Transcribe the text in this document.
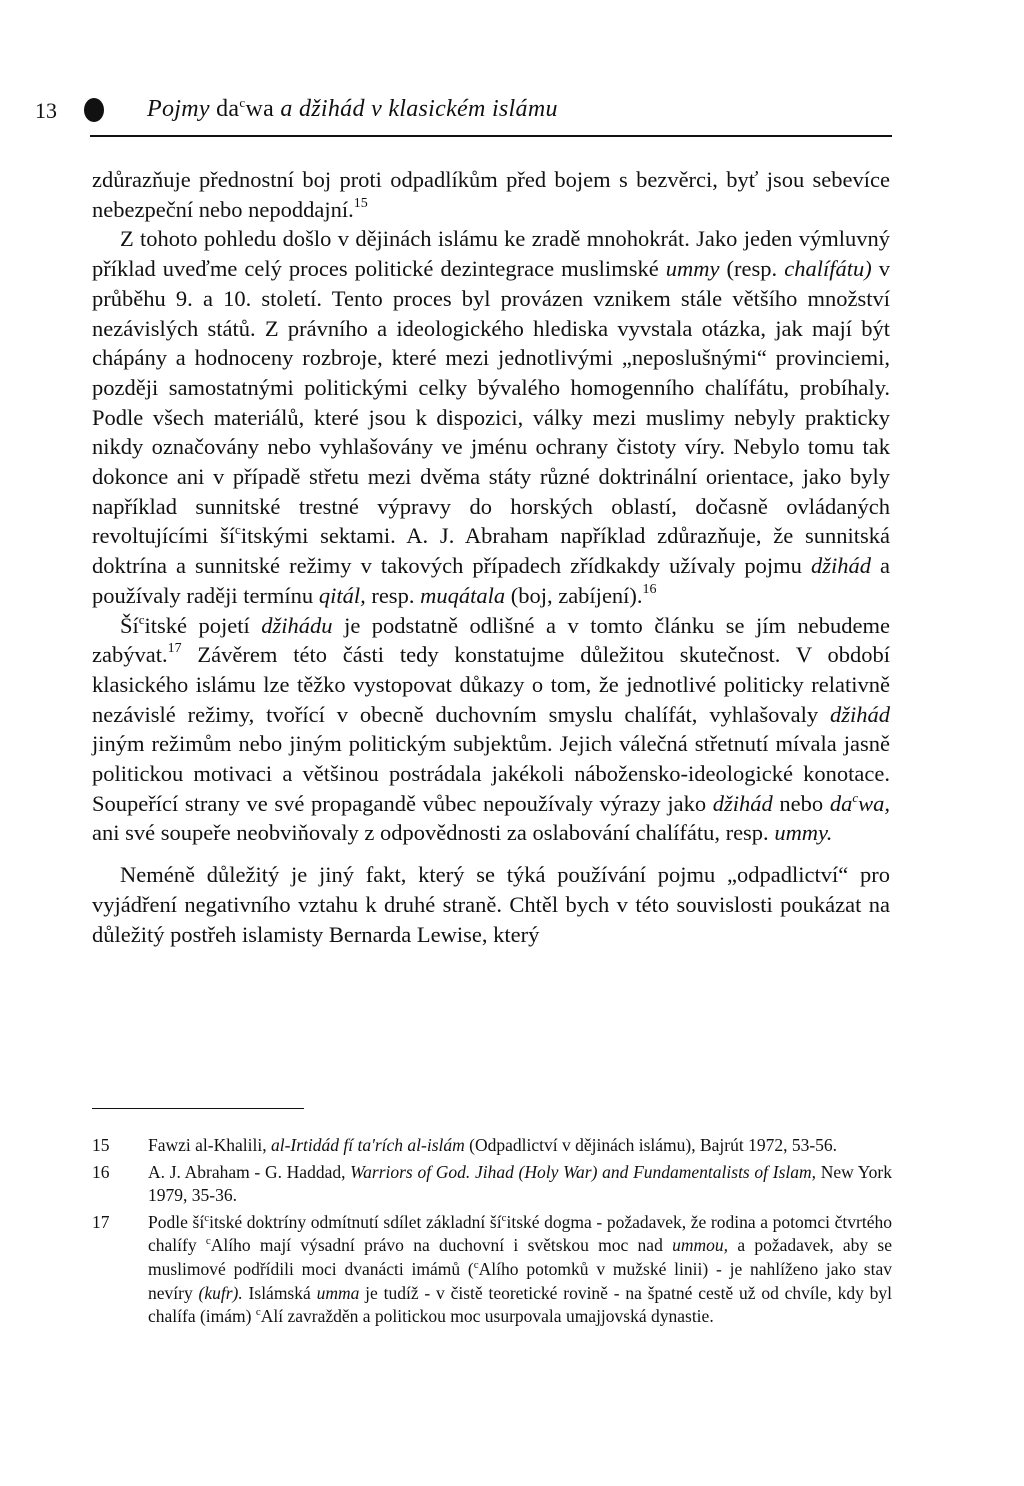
13	Pojmy $da^cwa$ a džihád v klasickém islámu

zdůrazňuje přednostní boj proti odpadlíkům před bojem s bezvěrci, byť jsou sebevíce nebezpeční nebo nepoddajní.$^{15}$

Z tohoto pohledu došlo v dějinách islámu ke zradě mnohokrát. Jako jeden výmluvný příklad uveďme celý proces politické dezintegrace muslimské ummy (resp. chalífátu) v průběhu 9. a 10. století. Tento proces byl provázen vznikem stále většího množství nezávislých států. Z právního a ideologického hlediska vyvstala otázka, jak mají být chápány a hodnoceny rozbroje, které mezi jednotlivými „neposlušnými“ provinciemi, později samostatnými politickými celky bývalého homogenního chalífátu, probíhaly. Podle všech materiálů, které jsou k dispozici, války mezi muslimy nebyly prakticky nikdy označovány nebo vyhlašovány ve jménu ochrany čistoty víry. Nebylo tomu tak dokonce ani v případě střetu mezi dvěma státy různé doktrinální orientace, jako byly například sunnitské trestné výpravy do horských oblastí, dočasně ovládaných revoltujícími $ší^citskými$ sektami. A. J. Abraham například zdůrazňuje, že sunnitská doktrína a sunnitské režimy v takových případech zřídkakdy užívaly pojmu džihád a používaly raději termínu qitál, resp. muqátala (boj, zabíjení).$^{16}$

$Ší^citské$ pojetí džihádu je podstatně odlišné a v tomto článku se jím nebudeme zabývat.$^{17}$ Závěrem této části tedy konstatujme důležitou skutečnost. V období klasického islámu lze těžko vystopovat důkazy o tom, že jednotlivé politicky relativně nezávislé režimy, tvořící v obecně duchovním smyslu chalífát, vyhlašovaly džihád jiným režimům nebo jiným politickým subjektům. Jejich válečná střetnutí mívala jasně politickou motivaci a většinou postrádala jakékoli nábožensko-ideologické konotace. Soupeřící strany ve své propagandě vůbec nepoužívaly výrazy jako džihád nebo $da^cwa$, ani své soupeře neobviňovaly z odpovědnosti za oslabování chalífátu, resp. ummy.

Neméně důležitý je jiný fakt, který se týká používání pojmu „odpadlictví“ pro vyjádření negativního vztahu k druhé straně. Chtěl bych v této souvislosti poukázat na důležitý postřeh islamisty Bernarda Lewise, který

15 Fawzi al-Khalili, al-Irtidád fí ta'rích al-islám (Odpadlictví v dějinách islámu), Bajrút 1972, 53-56.
16 A. J. Abraham - G. Haddad, Warriors of God. Jihad (Holy War) and Fundamentalists of Islam, New York 1979, 35-36.
17 Podle $ší^citské$ doktríny odmítnutí sdílet základní $ší^citské$ dogma - požadavek, že rodina a potomci čtvrtého chalífy $^c$Alího mají výsadní právo na duchovní i světskou moc nad ummou, a požadavek, aby se muslimové podřídili moci dvanácti imámů ($^c$Alího potomků v mužské linii) - je nahlíženo jako stav nevíry (kufr). Islámská umma je tudíž - v čistě teoretické rovině - na špatné cestě už od chvíle, kdy byl chalífa (imám) $^c$Alí zavražděn a politickou moc usurpovala umajjovská dynastie.
